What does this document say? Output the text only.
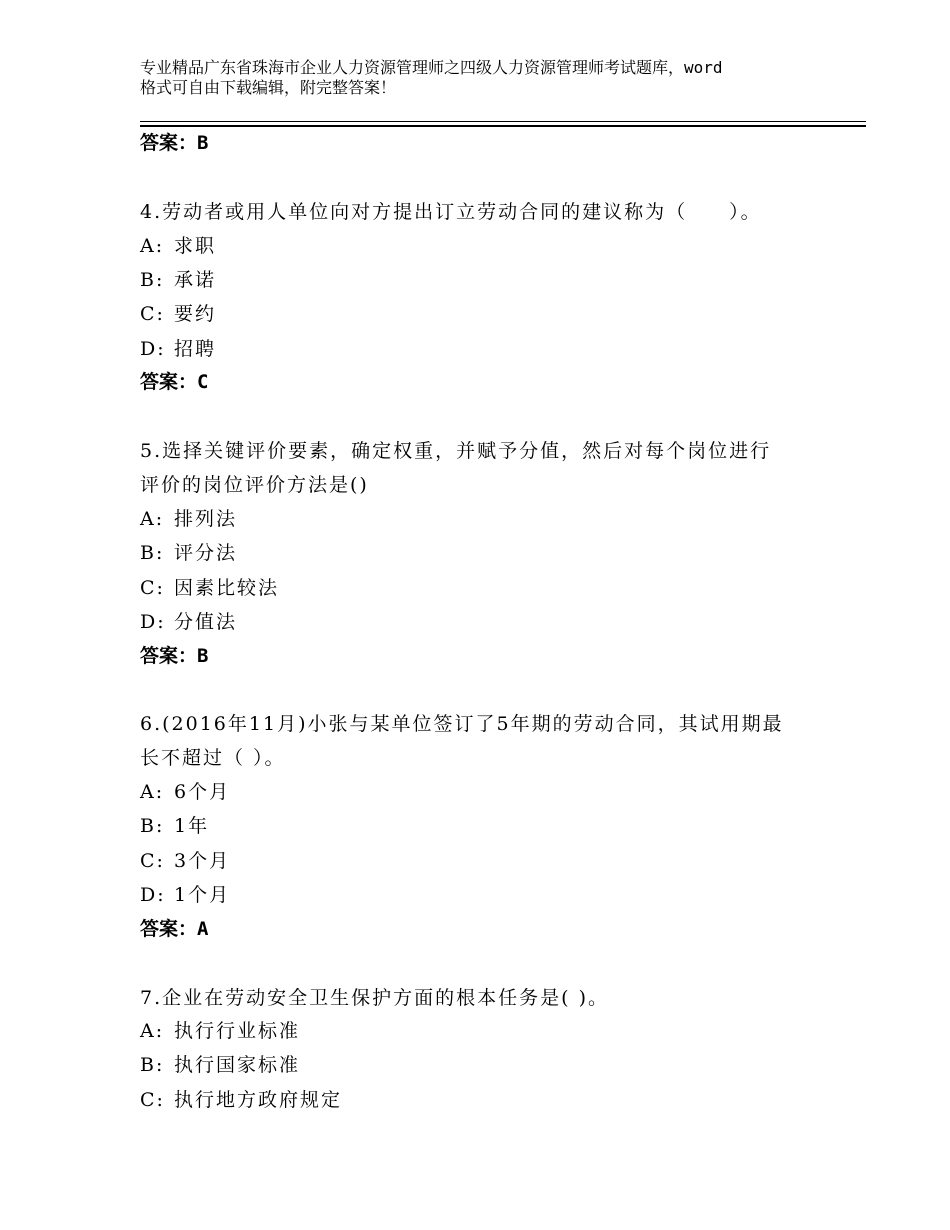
专业精品广东省珠海市企业人力资源管理师之四级人力资源管理师考试题库，word
格式可自由下载编辑，附完整答案！
答案：B
4.劳动者或用人单位向对方提出订立劳动合同的建议称为（　　）。
A: 求职
B: 承诺
C: 要约
D: 招聘
答案：C
5.选择关键评价要素，确定权重，并赋予分值，然后对每个岗位进行
评价的岗位评价方法是()
A: 排列法
B: 评分法
C: 因素比较法
D: 分值法
答案：B
6.(2016年11月)小张与某单位签订了5年期的劳动合同，其试用期最
长不超过（ ）。
A: 6个月
B: 1年
C: 3个月
D: 1个月
答案：A
7.企业在劳动安全卫生保护方面的根本任务是( )。
A: 执行行业标准
B: 执行国家标准
C: 执行地方政府规定
